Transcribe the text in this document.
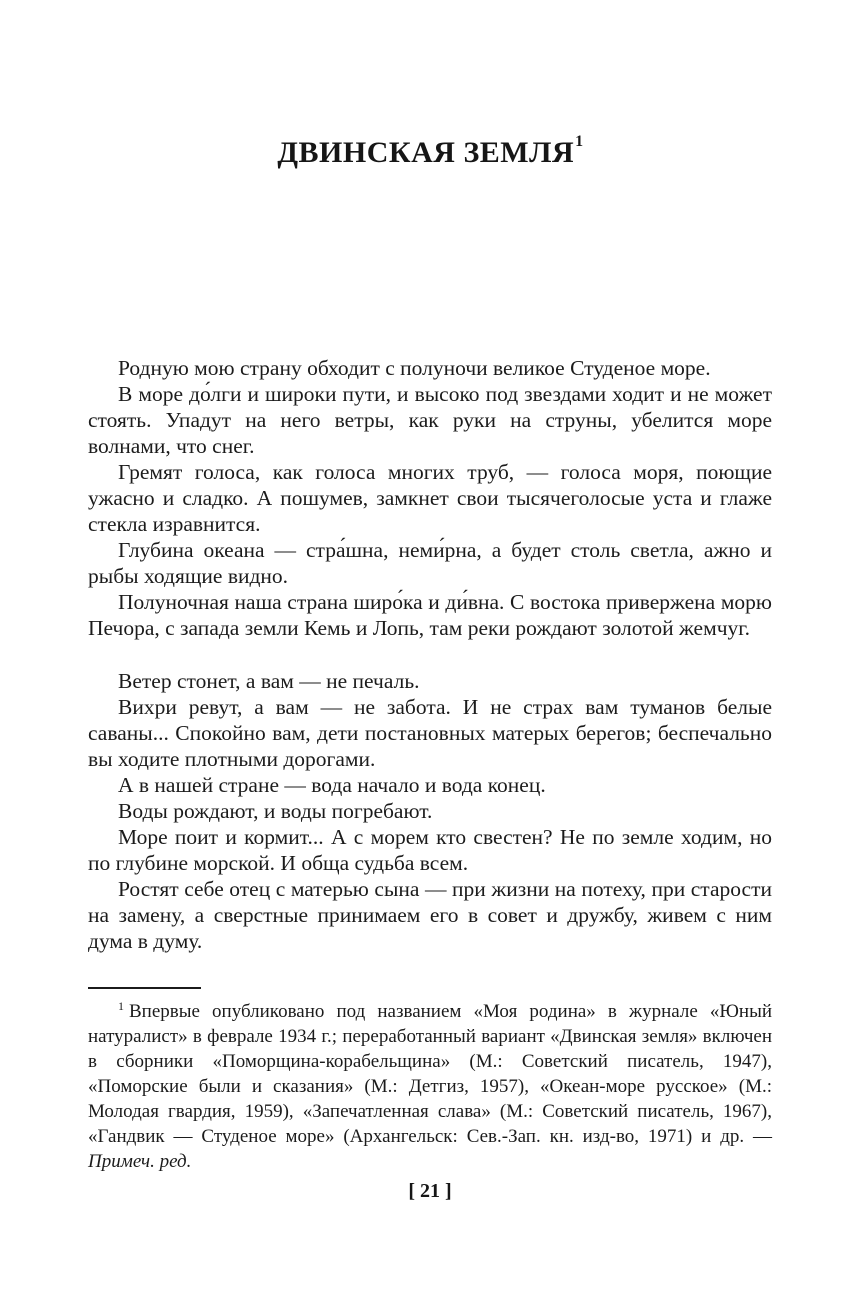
ДВИНСКАЯ ЗЕМЛЯ$^1$

Родную мою страну обходит с полуночи великое Студеное море.

В море до́лги и широки пути, и высоко под звездами ходит и не может стоять. Упадут на него ветры, как руки на струны, убелится море волнами, что снег.

Гремят голоса, как голоса многих труб, — голоса моря, поющие ужасно и сладко. А пошумев, замкнет свои тысячеголосые уста и глаже стекла изравнится.

Глубина океана — стра́шна, неми́рна, а будет столь светла, ажно и рыбы ходящие видно.

Полуночная наша страна широ́ка и ди́вна. С востока привержена морю Печора, с запада земли Кемь и Лопь, там реки рождают золотой жемчуг.

Ветер стонет, а вам — не печаль.

Вихри ревут, а вам — не забота. И не страх вам туманов белые саваны... Спокойно вам, дети постановных матерых берегов; беспечально вы ходите плотными дорогами.

А в нашей стране — вода начало и вода конец.

Воды рождают, и воды погребают.

Море поит и кормит... А с морем кто свестен? Не по земле ходим, но по глубине морской. И обща судьба всем.

Ростят себе отец с матерью сына — при жизни на потеху, при старости на замену, а сверстные принимаем его в совет и дружбу, живем с ним дума в думу.

$^1$ Впервые опубликовано под названием «Моя родина» в журнале «Юный натуралист» в феврале 1934 г.; переработанный вариант «Двинская земля» включен в сборники «Поморщина-корабельщина» (М.: Советский писатель, 1947), «Поморские были и сказания» (М.: Детгиз, 1957), «Океан-море русское» (М.: Молодая гвардия, 1959), «Запечатленная слава» (М.: Советский писатель, 1967), «Гандвик — Студеное море» (Архангельск: Сев.-Зап. кн. изд-во, 1971) и др. — Примеч. ред.

[ 21 ]
